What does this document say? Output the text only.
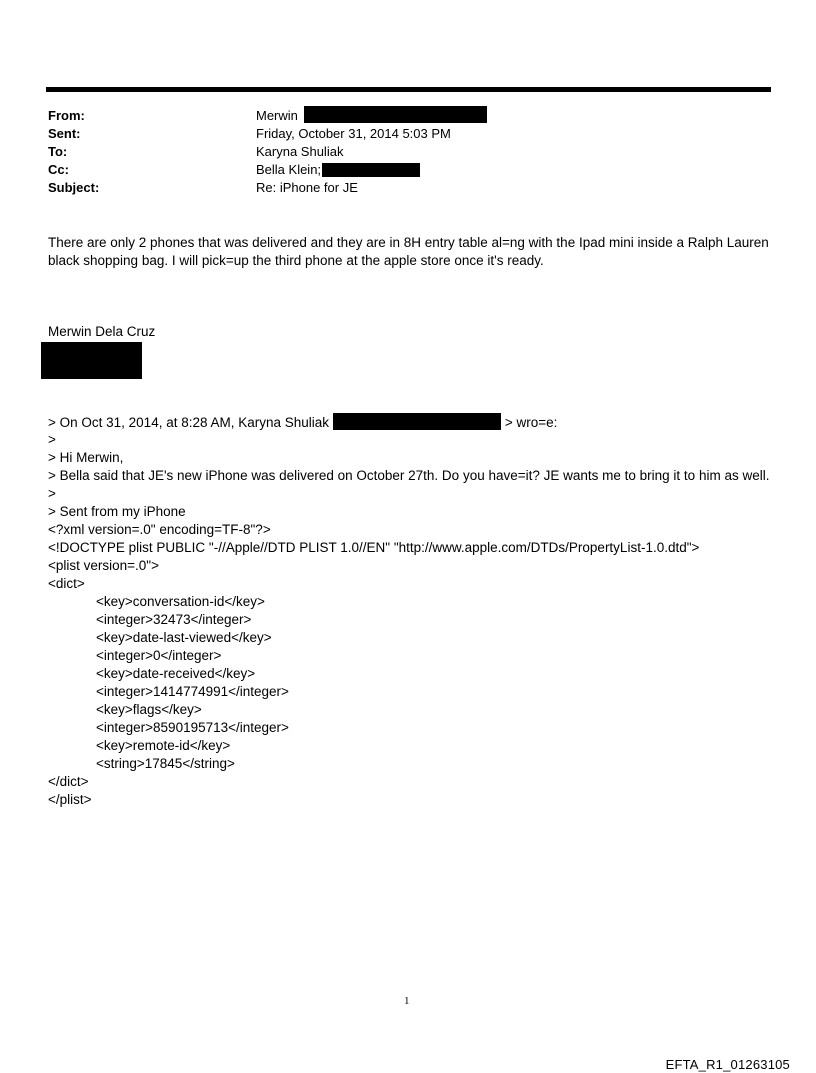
From:
Sent:
To:
Cc:
Subject:
Merwin
Friday, October 31, 2014 5:03 PM
Karyna Shuliak
Bella Klein;
Re: iPhone for JE
There are only 2 phones that was delivered and they are in 8H entry table al=ng with the Ipad mini inside a Ralph Lauren
black shopping bag. I will pick=up the third phone at the apple store once it's ready.
Merwin Dela Cruz
> On Oct 31, 2014, at 8:28 AM, Karyna Shuliak	> wro=e:
>
> Hi Merwin,
> Bella said that JE's new iPhone was delivered on October 27th. Do you have=it? JE wants me to bring it to him as well.
>
> Sent from my iPhone
<?xml version=.0" encoding=TF-8"?>
<!DOCTYPE plist PUBLIC "-//Apple//DTD PLIST 1.0//EN" "http://www.apple.com/DTDs/PropertyList-1.0.dtd">
<plist version=.0">
<dict>
<key>conversation-id</key>
<integer>32473</integer>
<key>date-last-viewed</key>
<integer>0</integer>
<key>date-received</key>
<integer>1414774991</integer>
<key>flags</key>
<integer>8590195713</integer>
<key>remote-id</key>
<string>17845</string>
</dict>
</plist>
1
EFTA_R1_01263105
